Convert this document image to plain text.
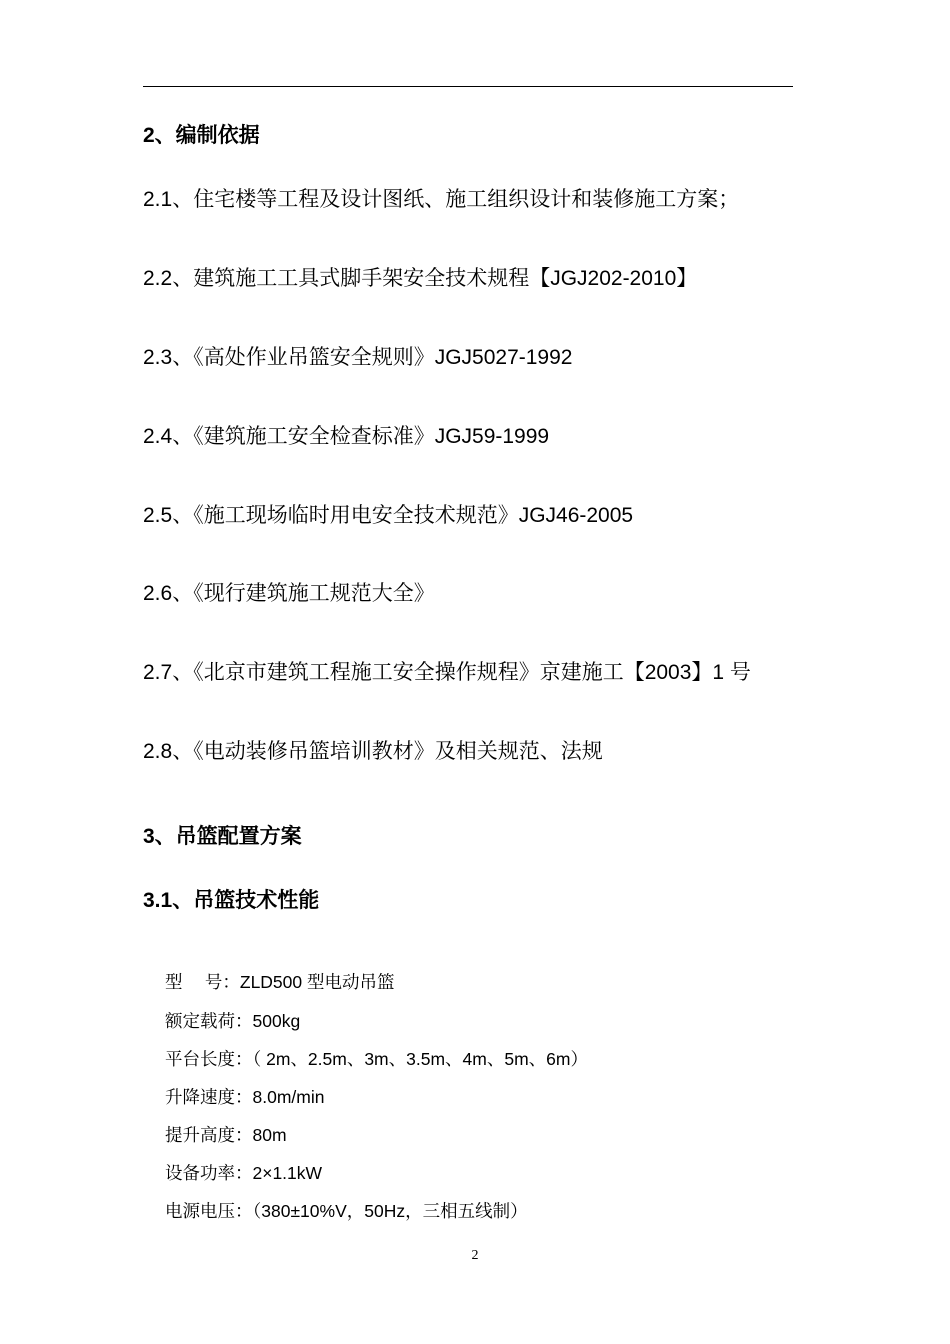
2、编制依据
2.1、住宅楼等工程及设计图纸、施工组织设计和装修施工方案；
2.2、建筑施工工具式脚手架安全技术规程【JGJ202-2010】
2.3、《高处作业吊篮安全规则》JGJ5027-1992
2.4、《建筑施工安全检查标准》JGJ59-1999
2.5、《施工现场临时用电安全技术规范》JGJ46-2005
2.6、《现行建筑施工规范大全》
2.7、《北京市建筑工程施工安全操作规程》京建施工【2003】1 号
2.8、《电动装修吊篮培训教材》及相关规范、法规
3、吊篮配置方案
3.1、吊篮技术性能
型　 号：ZLD500 型电动吊篮
额定载荷：500kg
平台长度：（ 2m、2.5m、3m、3.5m、4m、5m、6m）
升降速度：8.0m/min
提升高度：80m
设备功率：2×1.1kW
电源电压：（380±10%V，50Hz，三相五线制）
2
